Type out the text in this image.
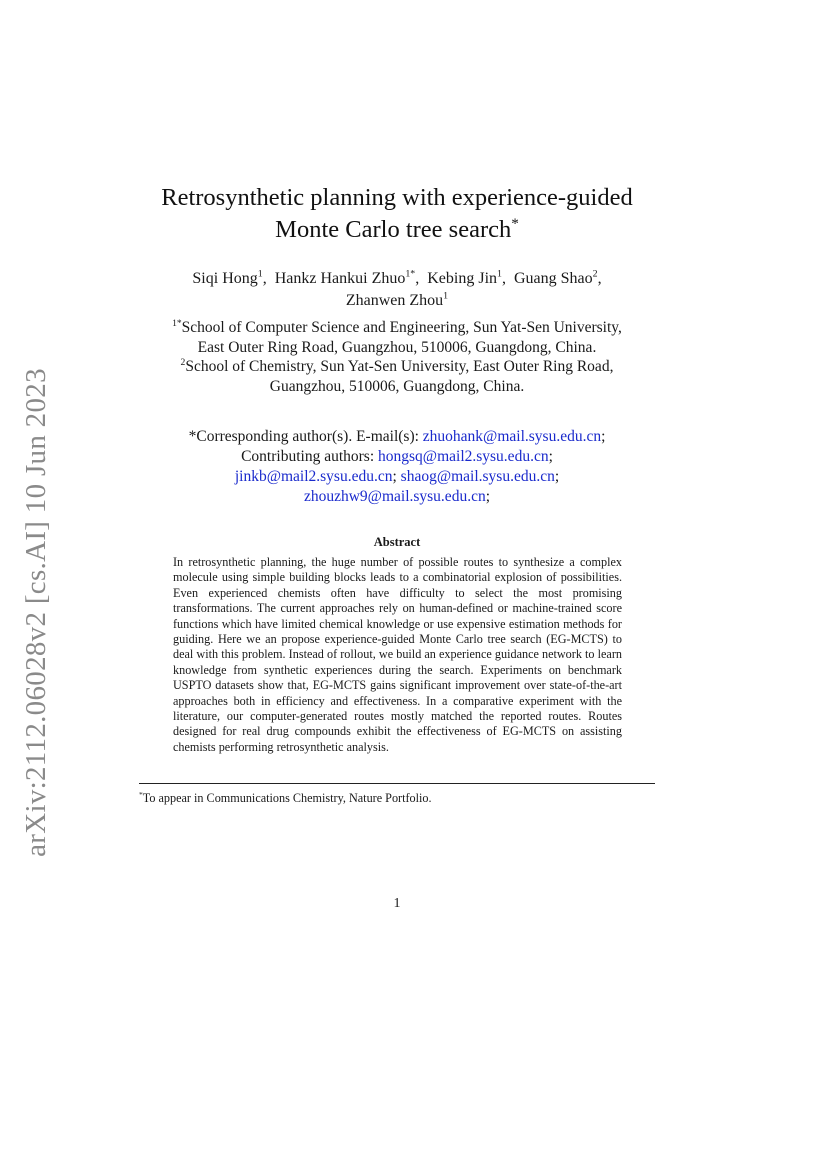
arXiv:2112.06028v2 [cs.AI] 10 Jun 2023
Retrosynthetic planning with experience-guided
Monte Carlo tree search*
Siqi Hong$^1$,  Hankz Hankui Zhuo$^{1*}$,  Kebing Jin$^1$,  Guang Shao$^2$,
Zhanwen Zhou$^1$
$^{1*}$School of Computer Science and Engineering, Sun Yat-Sen University,
East Outer Ring Road, Guangzhou, 510006, Guangdong, China.
$^2$School of Chemistry, Sun Yat-Sen University, East Outer Ring Road,
Guangzhou, 510006, Guangdong, China.
*Corresponding author(s). E-mail(s): zhuohank@mail.sysu.edu.cn;
Contributing authors: hongsq@mail2.sysu.edu.cn;
jinkb@mail2.sysu.edu.cn; shaog@mail.sysu.edu.cn;
zhouzhw9@mail.sysu.edu.cn;
Abstract
In retrosynthetic planning, the huge number of possible routes to synthesize a complex molecule using simple building blocks leads to a combinatorial explosion of possibilities. Even experienced chemists often have difficulty to select the most promising transformations. The current approaches rely on human-defined or machine-trained score functions which have limited chemical knowledge or use expensive estimation methods for guiding. Here we an propose experience-guided Monte Carlo tree search (EG-MCTS) to deal with this problem. Instead of rollout, we build an experience guidance network to learn knowledge from synthetic experiences during the search. Experiments on benchmark USPTO datasets show that, EG-MCTS gains significant improvement over state-of-the-art approaches both in efficiency and effectiveness. In a comparative experiment with the literature, our computer-generated routes mostly matched the reported routes. Routes designed for real drug compounds exhibit the effectiveness of EG-MCTS on assisting chemists performing retrosynthetic analysis.
*To appear in Communications Chemistry, Nature Portfolio.
1
